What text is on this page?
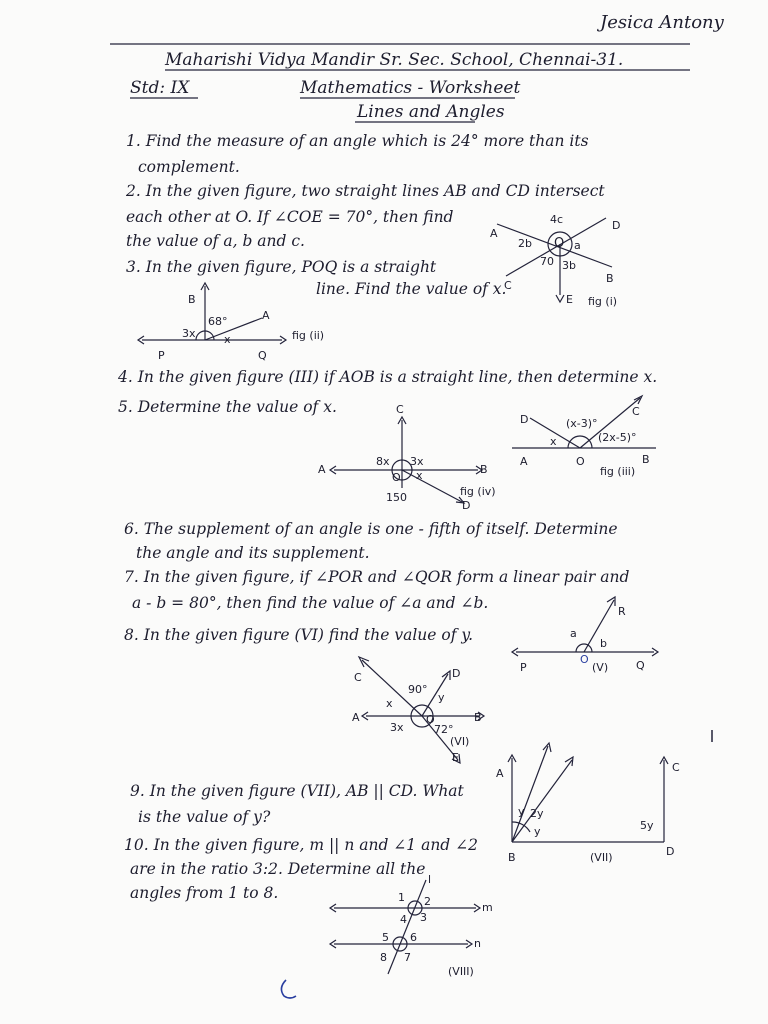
Jesica Antony
Maharishi Vidya Mandir Sr. Sec. School, Chennai-31.
Std: IX	Mathematics - Worksheet
Lines and Angles
1. Find the measure of an angle which is 24° more than its
complement.
2. In the given figure, two straight lines AB and CD intersect
each other at O. If ∠COE = 70°, then find
the value of a, b and c.
3. In the given figure, POQ is a straight
line. Find the value of x.
A
B
C
D
E
O
4c
2b	a
70 3b
fig (i)
B
A
P	Q
68°
3x	x	fig (ii)
4. In the given figure (III) if AOB is a straight line, then determine x.
5. Determine the value of x.
D
C
A	O	B
(x-3)°
(2x-5)°
x
fig (iii)
C
A	B
D
O
8x 3x
x
150	fig (iv)
6. The supplement of an angle is one - fifth of itself. Determine
the angle and its supplement.
7. In the given figure, if ∠POR and ∠QOR form a linear pair and
a - b = 80°, then find the value of ∠a and ∠b.
8. In the given figure (VI) find the value of y.
R
P	Q
O
a
b
(V)
C	D
A	B
E
O
90°
x	y
3x	72°
(VI)
9. In the given figure (VII), AB || CD. What
is the value of y?
10. In the given figure, m || n and ∠1 and ∠2
are in the ratio 3:2. Determine all the
angles from 1 to 8.
A	C
B	D
y 2y
y	5y
(VII)
l
m
n
1 2
3
4
5 6
7
8
(VIII)
